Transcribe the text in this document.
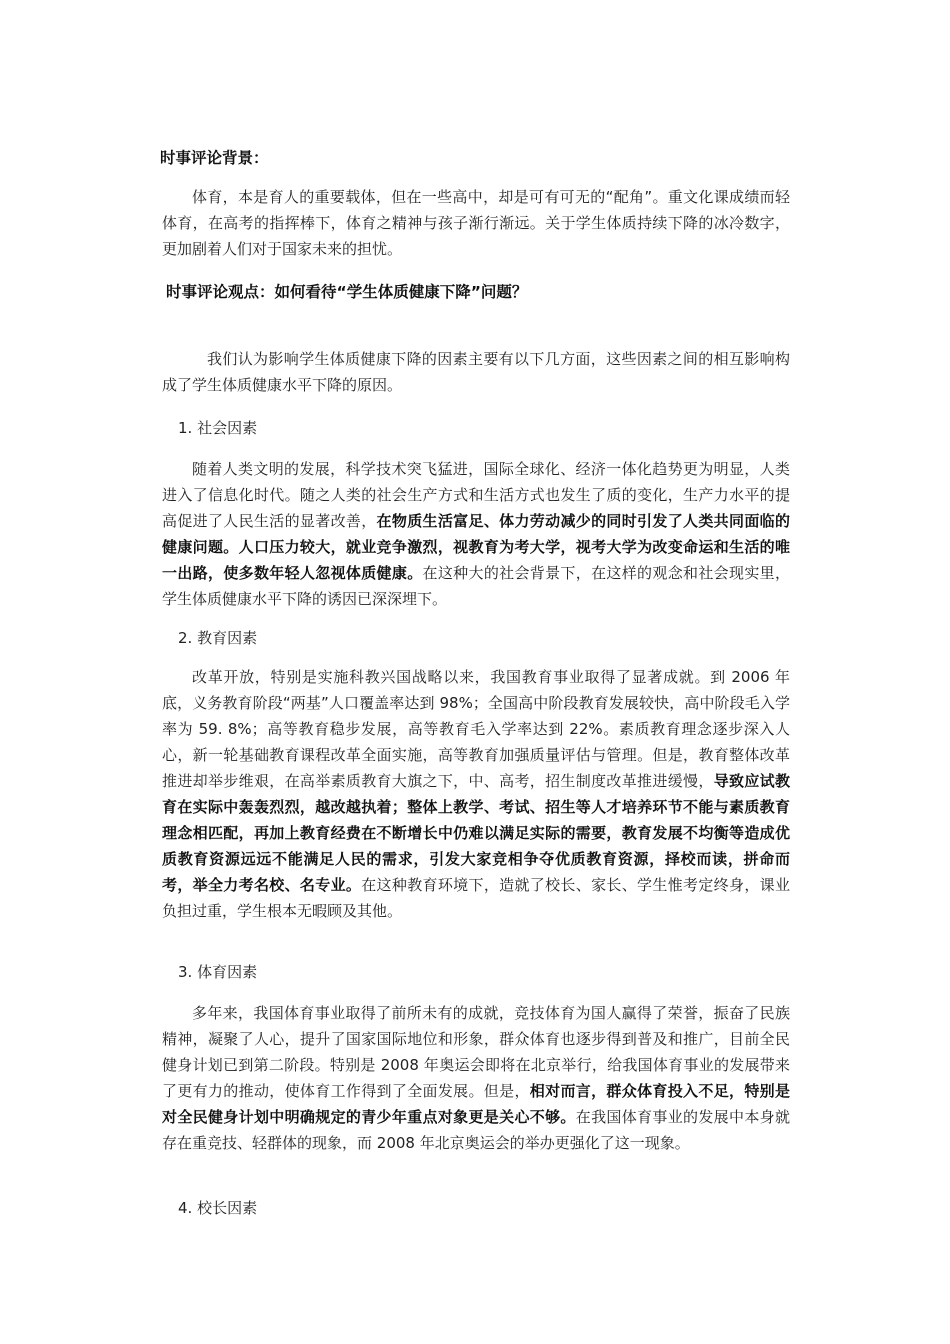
时事评论背景：

体育，本是育人的重要载体，但在一些高中，却是可有可无的“配角”。重文化课成绩而轻体育，在高考的指挥棒下，体育之精神与孩子渐行渐远。关于学生体质持续下降的冰冷数字，更加剧着人们对于国家未来的担忧。

时事评论观点：如何看待“学生体质健康下降”问题？

我们认为影响学生体质健康下降的因素主要有以下几方面，这些因素之间的相互影响构成了学生体质健康水平下降的原因。

1. 社会因素

随着人类文明的发展，科学技术突飞猛进，国际全球化、经济一体化趋势更为明显，人类进入了信息化时代。随之人类的社会生产方式和生活方式也发生了质的变化，生产力水平的提高促进了人民生活的显著改善，在物质生活富足、体力劳动减少的同时引发了人类共同面临的健康问题。人口压力较大，就业竞争激烈，视教育为考大学，视考大学为改变命运和生活的唯一出路，使多数年轻人忽视体质健康。在这种大的社会背景下，在这样的观念和社会现实里，学生体质健康水平下降的诱因已深深埋下。

2. 教育因素

改革开放，特别是实施科教兴国战略以来，我国教育事业取得了显著成就。到 2006 年底，义务教育阶段“两基”人口覆盖率达到 98%；全国高中阶段教育发展较快，高中阶段毛入学率为 59. 8%；高等教育稳步发展，高等教育毛入学率达到 22%。素质教育理念逐步深入人心，新一轮基础教育课程改革全面实施，高等教育加强质量评估与管理。但是，教育整体改革推进却举步维艰，在高举素质教育大旗之下，中、高考，招生制度改革推进缓慢，导致应试教育在实际中轰轰烈烈，越改越执着；整体上教学、考试、招生等人才培养环节不能与素质教育理念相匹配，再加上教育经费在不断增长中仍难以满足实际的需要，教育发展不均衡等造成优质教育资源远远不能满足人民的需求，引发大家竞相争夺优质教育资源，择校而读，拼命而考，举全力考名校、名专业。在这种教育环境下，造就了校长、家长、学生惟考定终身，课业负担过重，学生根本无暇顾及其他。

3. 体育因素

多年来，我国体育事业取得了前所未有的成就，竞技体育为国人赢得了荣誉，振奋了民族精神，凝聚了人心，提升了国家国际地位和形象，群众体育也逐步得到普及和推广，目前全民健身计划已到第二阶段。特别是 2008 年奥运会即将在北京举行，给我国体育事业的发展带来了更有力的推动，使体育工作得到了全面发展。但是，相对而言，群众体育投入不足，特别是对全民健身计划中明确规定的青少年重点对象更是关心不够。在我国体育事业的发展中本身就存在重竞技、轻群体的现象，而 2008 年北京奥运会的举办更强化了这一现象。

4. 校长因素
